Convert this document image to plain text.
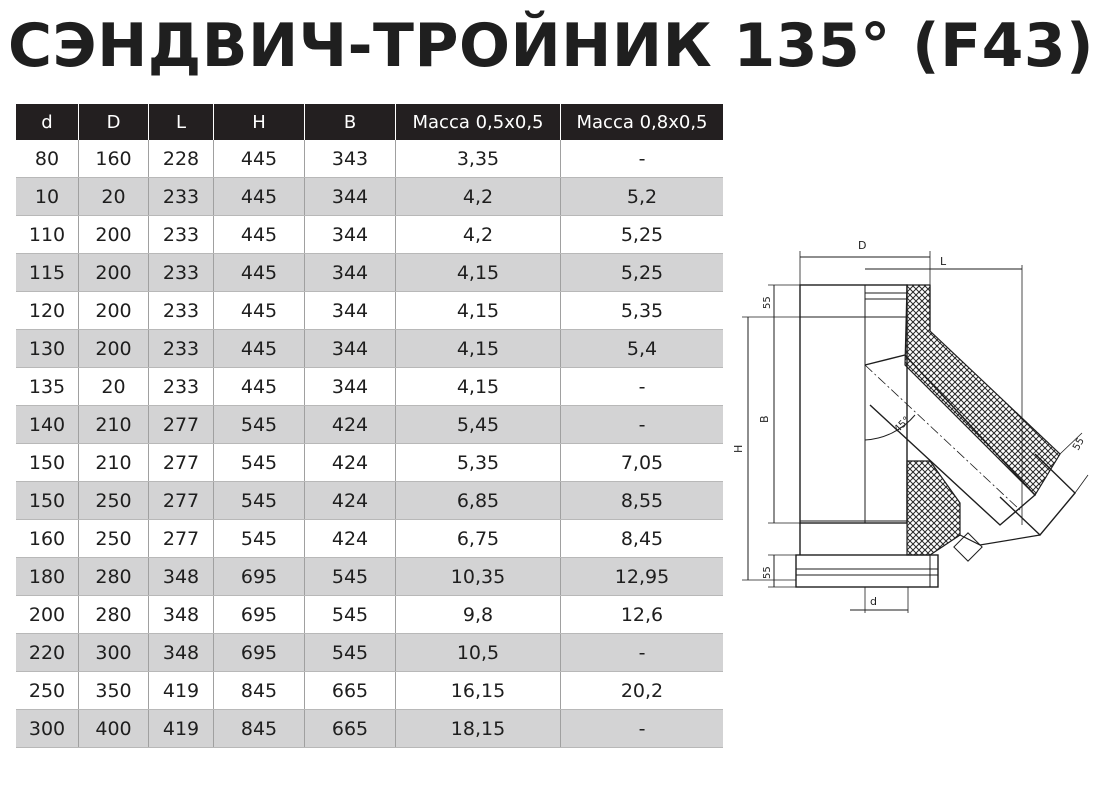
СЭНДВИЧ-ТРОЙНИК 135° (F43)
d	D	L	H	B	Масса 0,5х0,5	Масса 0,8х0,5
80	160	228	445	343	3,35	-
10	20	233	445	344	4,2	5,2
110	200	233	445	344	4,2	5,25
115	200	233	445	344	4,15	5,25
120	200	233	445	344	4,15	5,35
130	200	233	445	344	4,15	5,4
135	20	233	445	344	4,15	-
140	210	277	545	424	5,45	-
150	210	277	545	424	5,35	7,05
150	250	277	545	424	6,85	8,55
160	250	277	545	424	6,75	8,45
180	280	348	695	545	10,35	12,95
200	280	348	695	545	9,8	12,6
220	300	348	695	545	10,5	-
250	350	419	845	665	16,15	20,2
300	400	419	845	665	18,15	-
45°
D
L
H
B
55
55
55
d
